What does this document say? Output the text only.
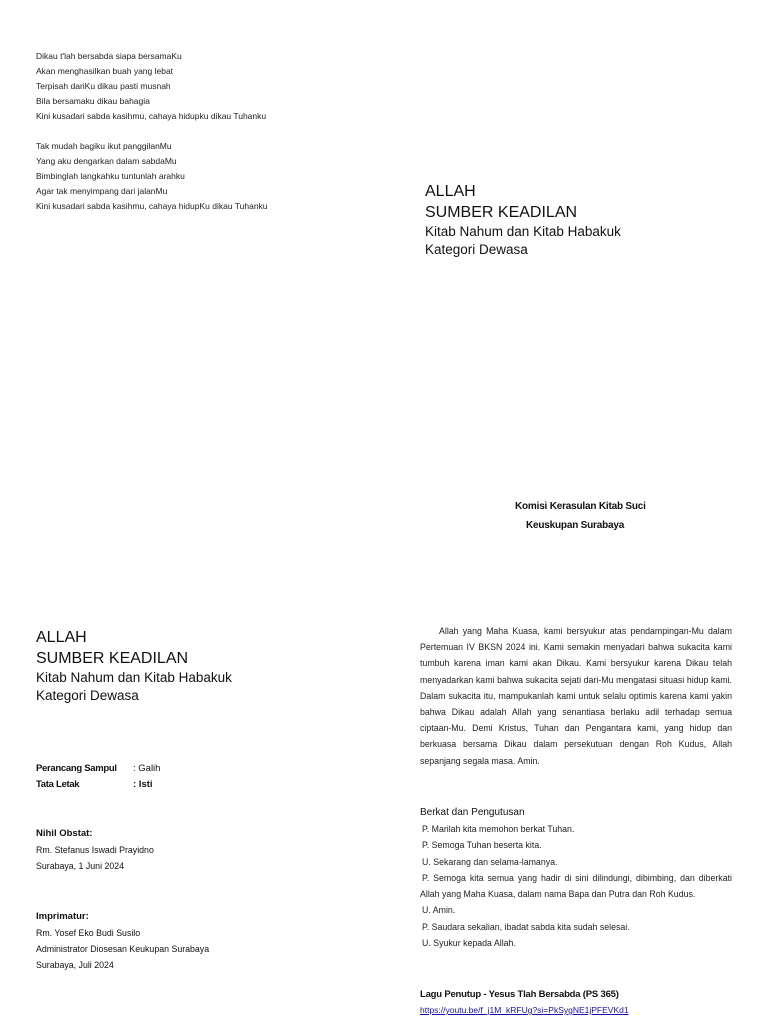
Dikau t'lah bersabda siapa bersamaKu
Akan menghasilkan buah yang lebat
Terpisah dariKu dikau pasti musnah
Bila bersamaku dikau bahagia
Kini kusadari sabda kasihmu, cahaya hidupku dikau Tuhanku
Tak mudah bagiku ikut panggilanMu
Yang aku dengarkan dalam sabdaMu
Bimbinglah langkahku tuntunlah arahku
Agar tak menyimpang dari jalanMu
Kini kusadari sabda kasihmu, cahaya hidupKu dikau Tuhanku
ALLAH
SUMBER KEADILAN
Kitab Nahum dan Kitab Habakuk
Kategori Dewasa
Komisi Kerasulan Kitab Suci
Keuskupan Surabaya
ALLAH
SUMBER KEADILAN
Kitab Nahum dan Kitab Habakuk
Kategori Dewasa
Perancang Sampul : Galih
Tata Letak	: Isti
Nihil Obstat:
Rm. Stefanus Iswadi Prayidno
Surabaya, 1 Juni 2024
Imprimatur:
Rm. Yosef Eko Budi Susilo
Administrator Diosesan Keukupan Surabaya
Surabaya, Juli 2024
Allah yang Maha Kuasa, kami bersyukur atas pendampingan-Mu dalam Pertemuan IV BKSN 2024 ini. Kami semakin menyadari bahwa sukacita kami tumbuh karena iman kami akan Dikau. Kami bersyukur karena Dikau telah menyadarkan kami bahwa sukacita sejati dari-Mu mengatasi situasi hidup kami. Dalam sukacita itu, mampukanlah kami untuk selalu optimis karena kami yakin bahwa Dikau adalah Allah yang senantiasa berlaku adil terhadap semua ciptaan-Mu. Demi Kristus, Tuhan dan Pengantara kami, yang hidup dan berkuasa bersama Dikau dalam persekutuan dengan Roh Kudus, Allah sepanjang segala masa. Amin.
Berkat dan Pengutusan
P. Marilah kita memohon berkat Tuhan.
P. Semoga Tuhan beserta kita.
U. Sekarang dan selama-lamanya.
P. Semoga kita semua yang hadir di sini dilindungi, dibimbing, dan diberkati Allah yang Maha Kuasa, dalam nama Bapa dan Putra dan Roh Kudus.
U. Amin.
P. Saudara sekalian, ibadat sabda kita sudah selesai.
U. Syukur kepada Allah.
Lagu Penutup - Yesus Tlah Bersabda (PS 365)
https://youtu.be/f_j1M_kRFUg?si=PkSygNE1jPFEVKd1
